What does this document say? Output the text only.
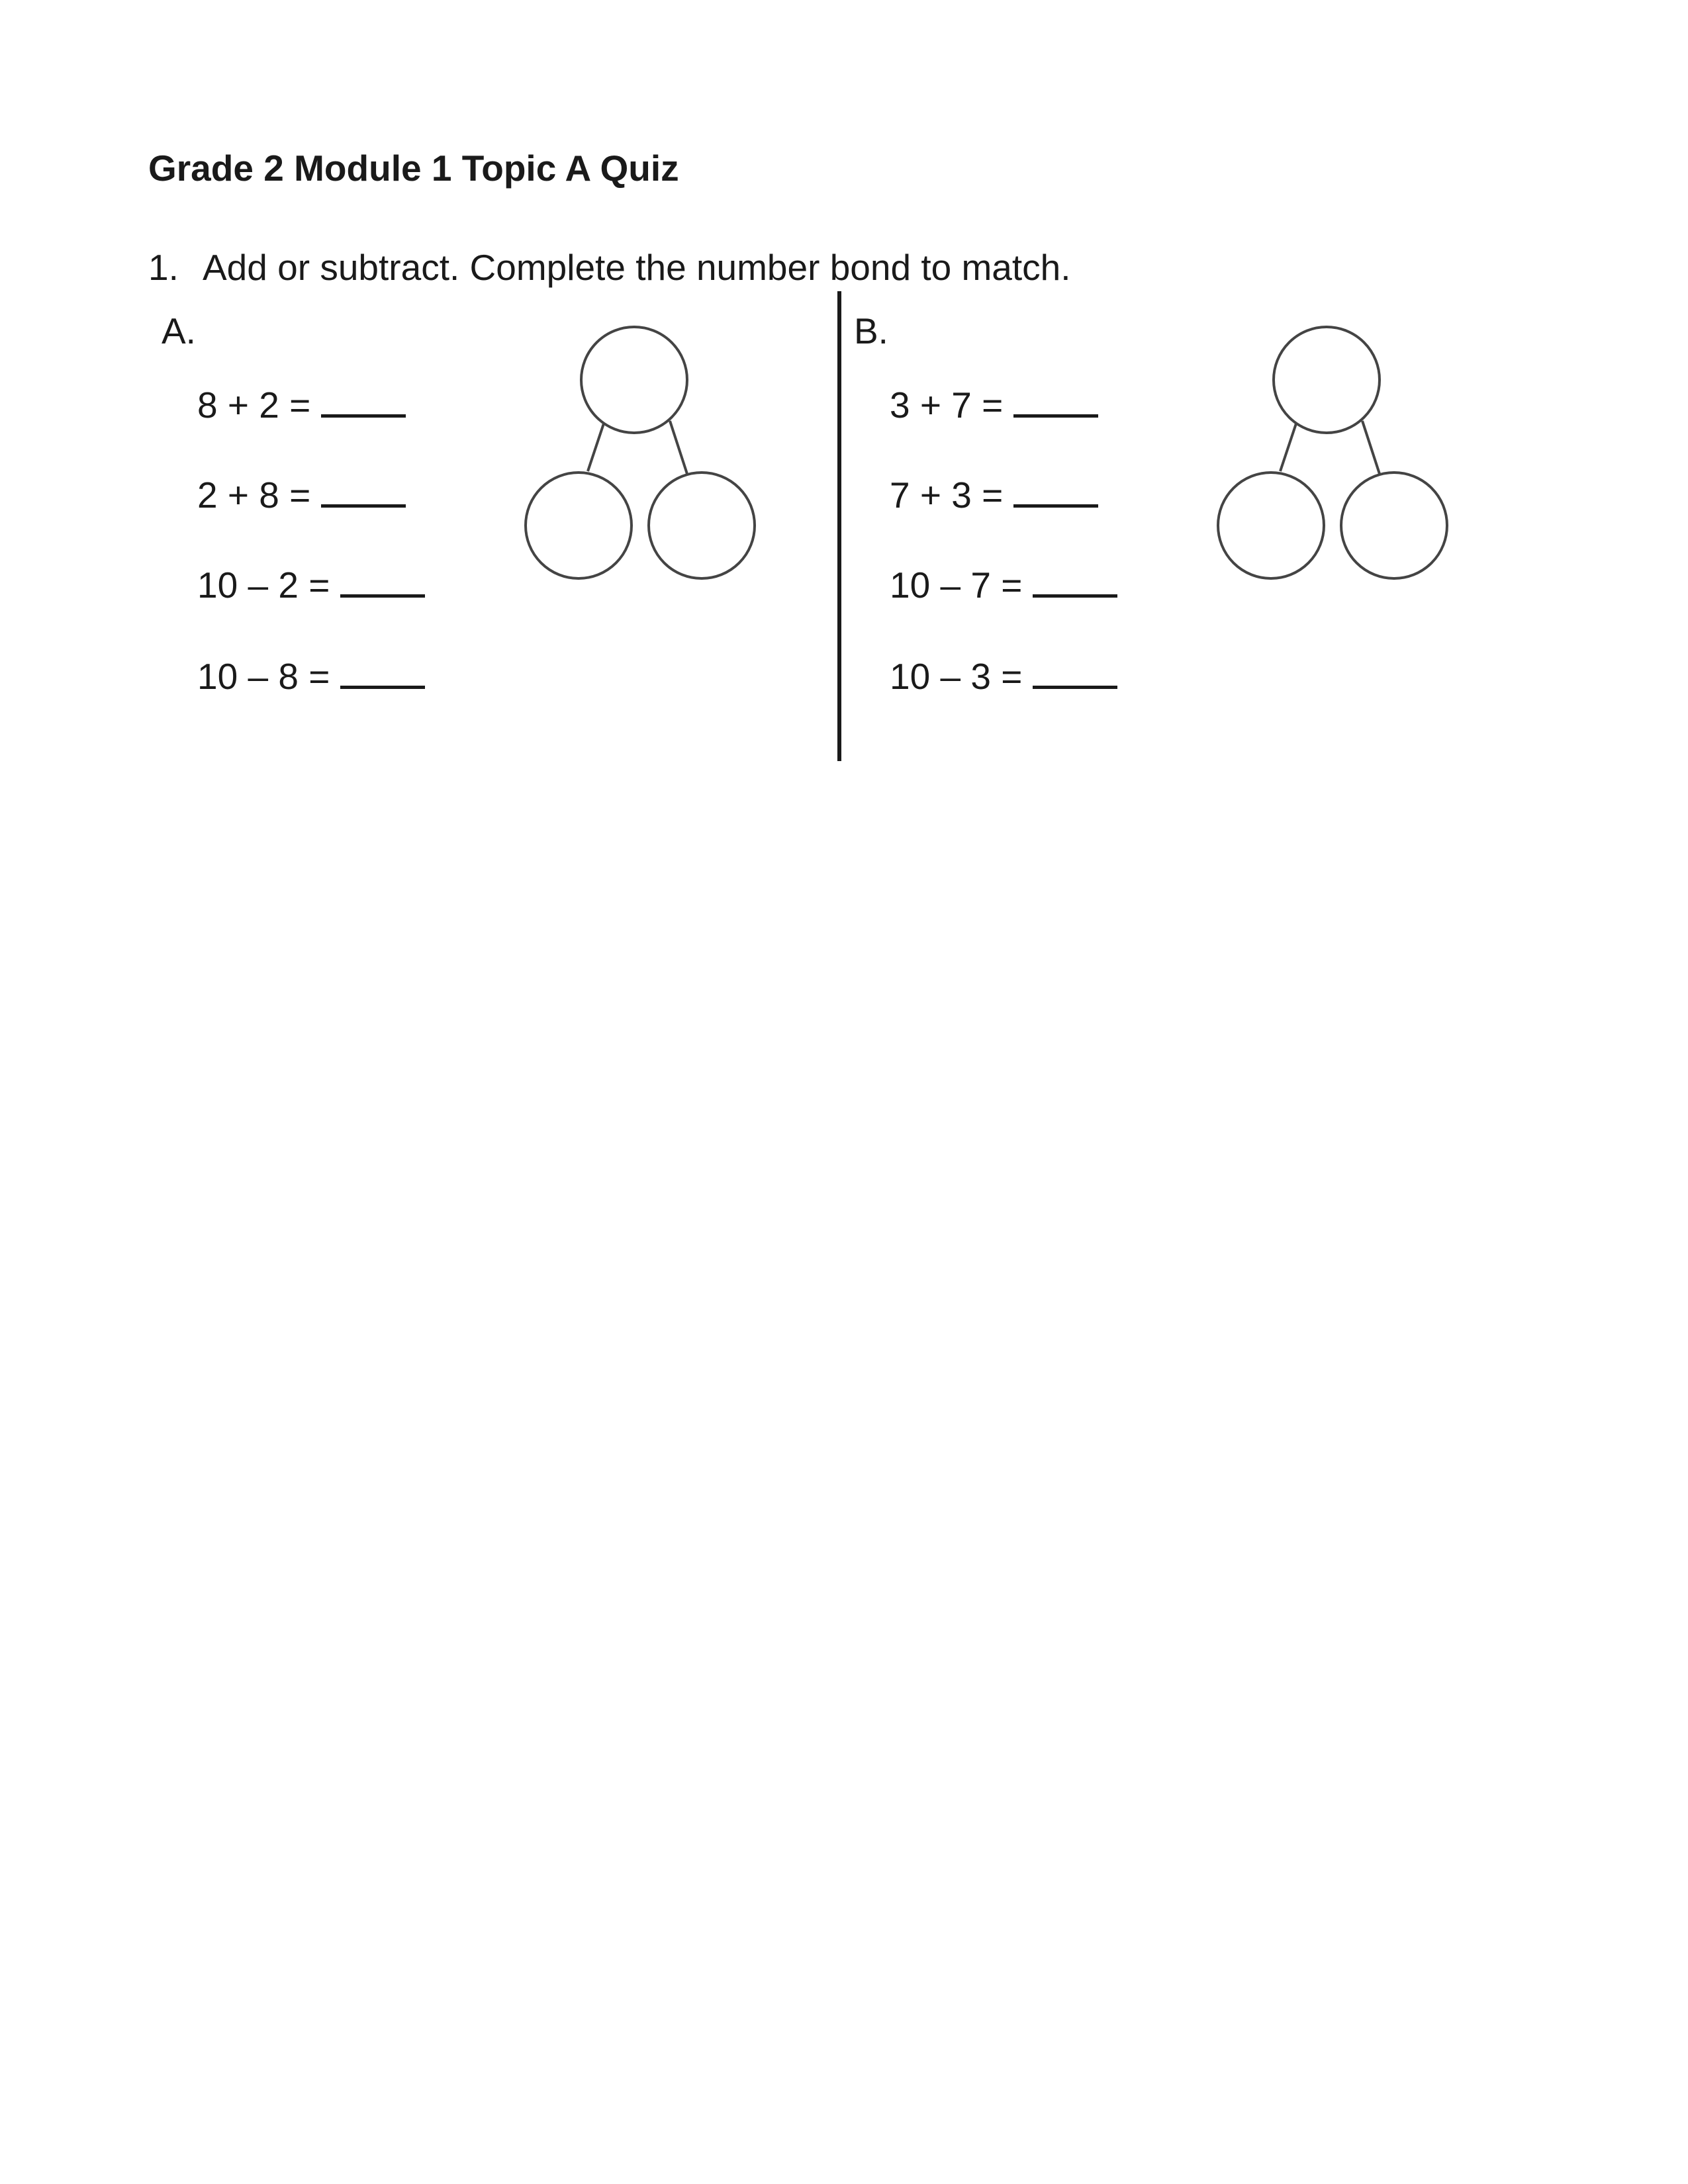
Grade 2 Module 1 Topic A Quiz
1. Add or subtract. Complete the number bond to match.
A.
8 + 2 =
2 + 8 =
10 – 2 =
10 – 8 =
B.
3 + 7 =
7 + 3 =
10 – 7 =
10 – 3 =
